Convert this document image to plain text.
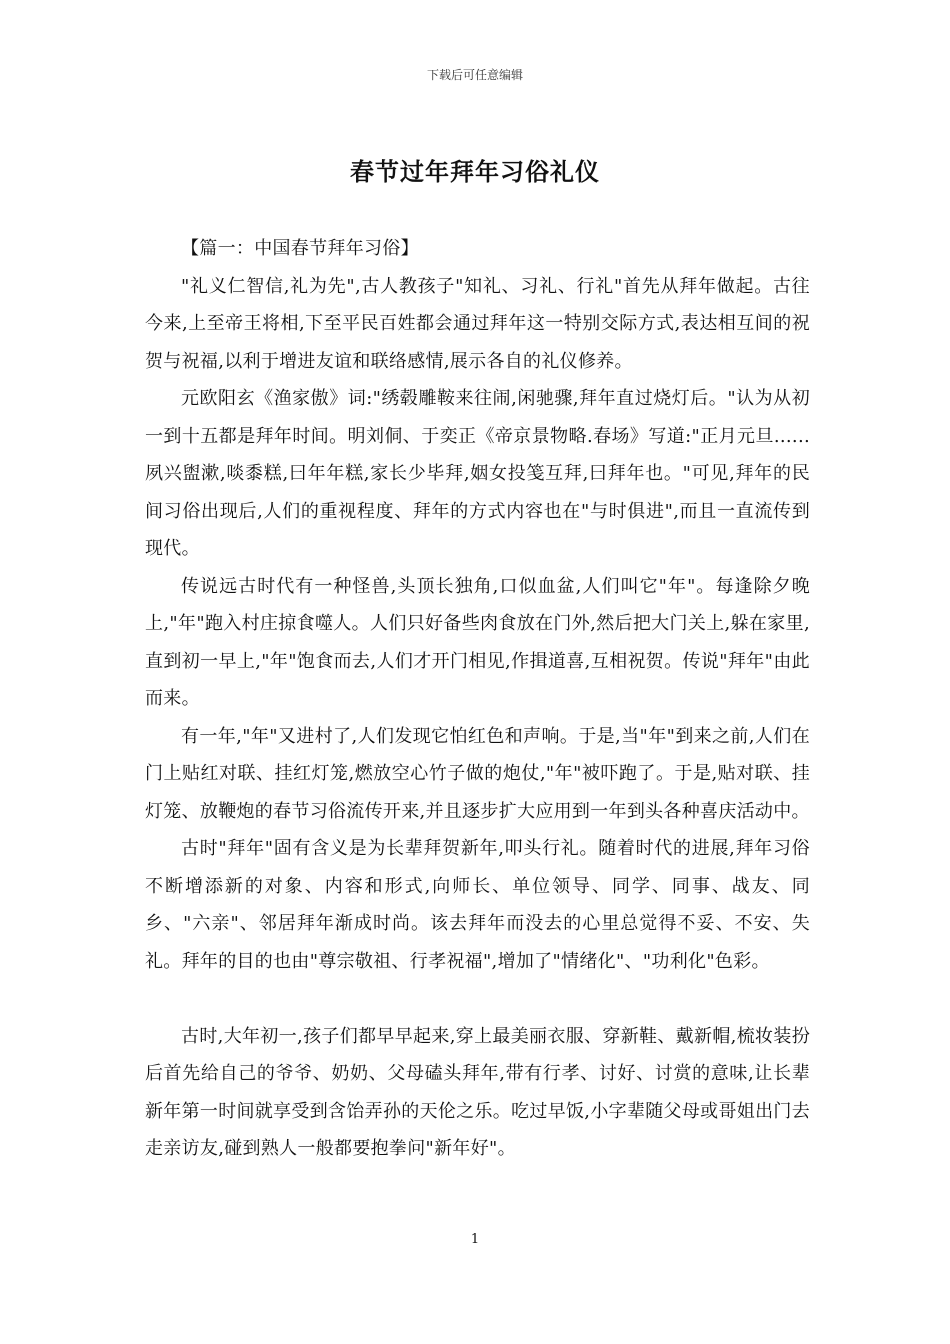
下载后可任意编辑
春节过年拜年习俗礼仪

【篇一：中国春节拜年习俗】

"礼义仁智信,礼为先",古人教孩子"知礼、习礼、行礼"首先从拜年做起。古往今来,上至帝王将相,下至平民百姓都会通过拜年这一特别交际方式,表达相互间的祝贺与祝福,以利于增进友谊和联络感情,展示各自的礼仪修养。

元欧阳玄《渔家傲》词:"绣毂雕鞍来往闹,闲驰骤,拜年直过烧灯后。"认为从初一到十五都是拜年时间。明刘侗、于奕正《帝京景物略.春场》写道:"正月元旦......夙兴盥漱,啖黍糕,曰年年糕,家长少毕拜,姻女投笺互拜,曰拜年也。"可见,拜年的民间习俗出现后,人们的重视程度、拜年的方式内容也在"与时俱进",而且一直流传到现代。

传说远古时代有一种怪兽,头顶长独角,口似血盆,人们叫它"年"。每逢除夕晚上,"年"跑入村庄掠食噬人。人们只好备些肉食放在门外,然后把大门关上,躲在家里,直到初一早上,"年"饱食而去,人们才开门相见,作揖道喜,互相祝贺。传说"拜年"由此而来。

有一年,"年"又进村了,人们发现它怕红色和声响。于是,当"年"到来之前,人们在门上贴红对联、挂红灯笼,燃放空心竹子做的炮仗,"年"被吓跑了。于是,贴对联、挂灯笼、放鞭炮的春节习俗流传开来,并且逐步扩大应用到一年到头各种喜庆活动中。

古时"拜年"固有含义是为长辈拜贺新年,叩头行礼。随着时代的进展,拜年习俗不断增添新的对象、内容和形式,向师长、单位领导、同学、同事、战友、同乡、"六亲"、邻居拜年渐成时尚。该去拜年而没去的心里总觉得不妥、不安、失礼。拜年的目的也由"尊宗敬祖、行孝祝福",增加了"情绪化"、"功利化"色彩。

古时,大年初一,孩子们都早早起来,穿上最美丽衣服、穿新鞋、戴新帽,梳妆装扮后首先给自己的爷爷、奶奶、父母磕头拜年,带有行孝、讨好、讨赏的意味,让长辈新年第一时间就享受到含饴弄孙的天伦之乐。吃过早饭,小字辈随父母或哥姐出门去走亲访友,碰到熟人一般都要抱拳问"新年好"。

1
